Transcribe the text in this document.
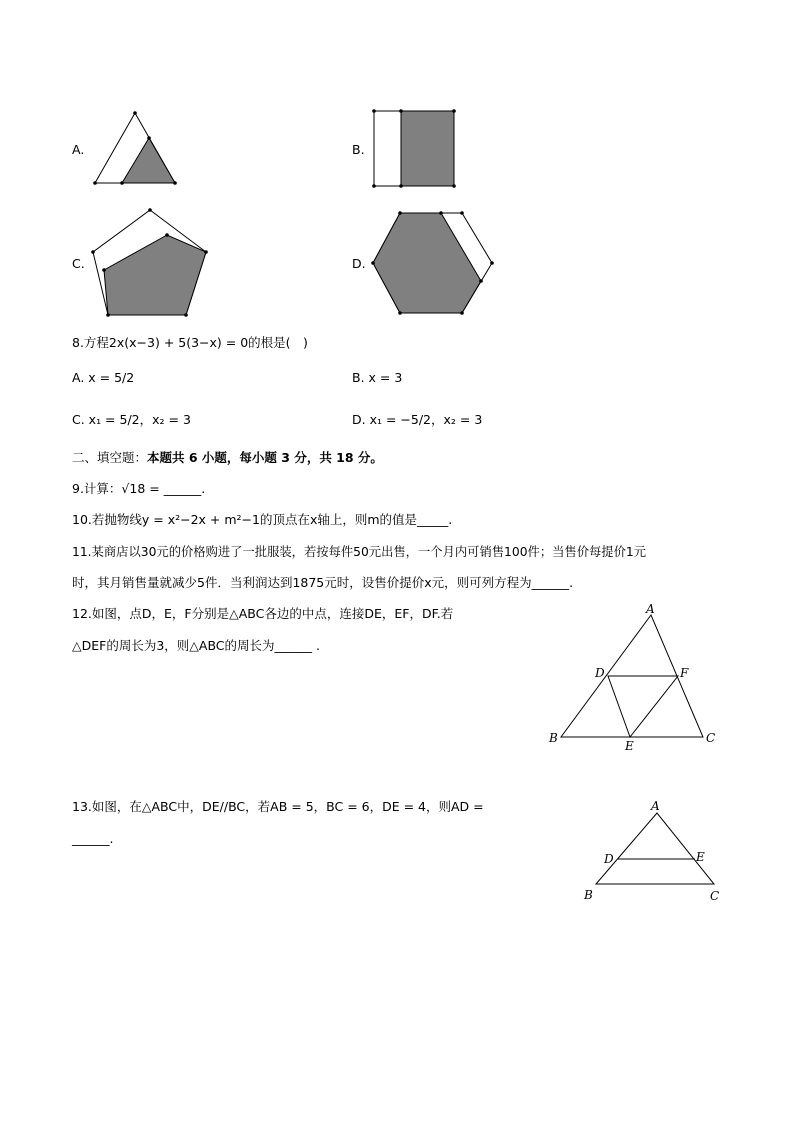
A.	B.
C.	D.
8.方程2x(x−3) + 5(3−x) = 0的根是(　)
A. x = 5/2	B. x = 3
C. x₁ = 5/2，x₂ = 3	D. x₁ = −5/2，x₂ = 3
二、填空题：本题共 6 小题，每小题 3 分，共 18 分。
9.计算：√18 = ______.
10.若抛物线y = x²−2x + m²−1的顶点在x轴上，则m的值是_____.
11.某商店以30元的价格购进了一批服装，若按每件50元出售，一个月内可销售100件；当售价每提价1元
时，其月销售量就减少5件．当利润达到1875元时，设售价提价x元，则可列方程为______.
12.如图，点D，E，F分别是△ABC各边的中点，连接DE，EF，DF.若
△DEF的周长为3，则△ABC的周长为______ .
A
B	C
D
E
F
13.如图，在△ABC中，DE//BC，若AB = 5，BC = 6，DE = 4，则AD =
______.
A
B	C
D	E
